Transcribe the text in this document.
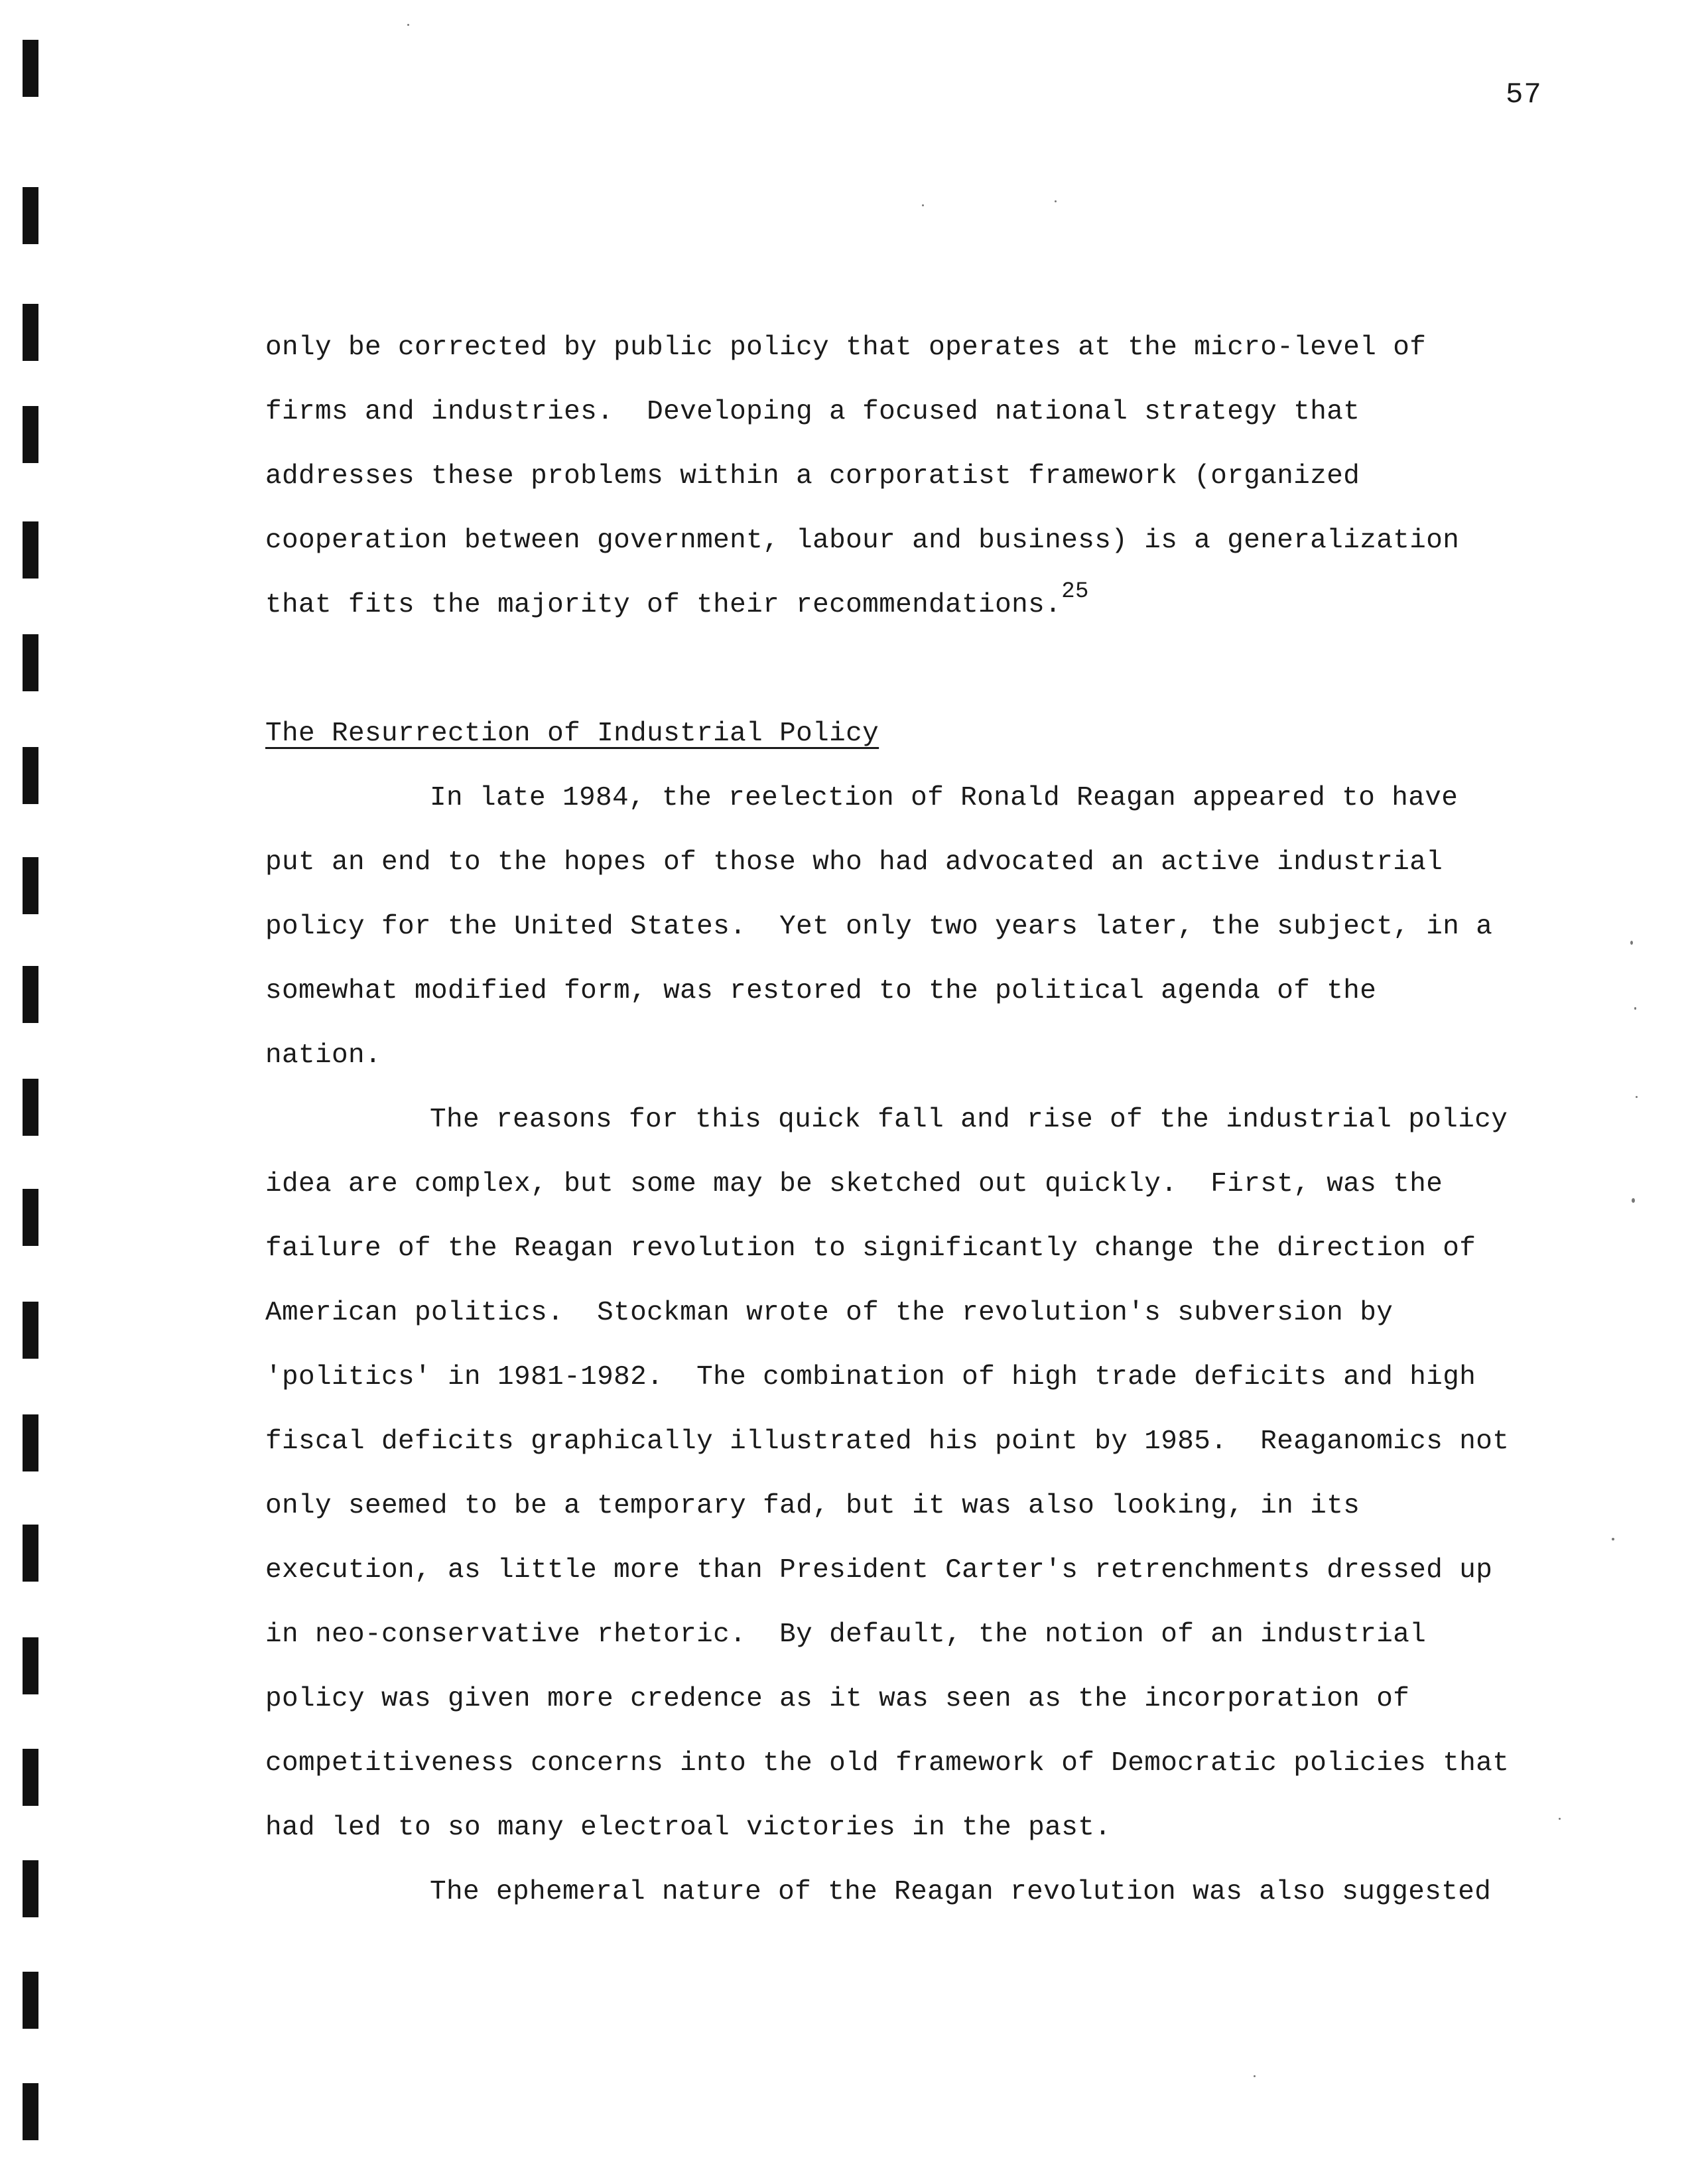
57
only be corrected by public policy that operates at the micro-level of
firms and industries.  Developing a focused national strategy that
addresses these problems within a corporatist framework (organized
cooperation between government, labour and business) is a generalization
that fits the majority of their recommendations.$^{25}$
The Resurrection of Industrial Policy
In late 1984, the reelection of Ronald Reagan appeared to have
put an end to the hopes of those who had advocated an active industrial
policy for the United States.  Yet only two years later, the subject, in a
somewhat modified form, was restored to the political agenda of the
nation.
The reasons for this quick fall and rise of the industrial policy
idea are complex, but some may be sketched out quickly.  First, was the
failure of the Reagan revolution to significantly change the direction of
American politics.  Stockman wrote of the revolution's subversion by
'politics' in 1981-1982.  The combination of high trade deficits and high
fiscal deficits graphically illustrated his point by 1985.  Reaganomics not
only seemed to be a temporary fad, but it was also looking, in its
execution, as little more than President Carter's retrenchments dressed up
in neo-conservative rhetoric.  By default, the notion of an industrial
policy was given more credence as it was seen as the incorporation of
competitiveness concerns into the old framework of Democratic policies that
had led to so many electroal victories in the past.
The ephemeral nature of the Reagan revolution was also suggested
